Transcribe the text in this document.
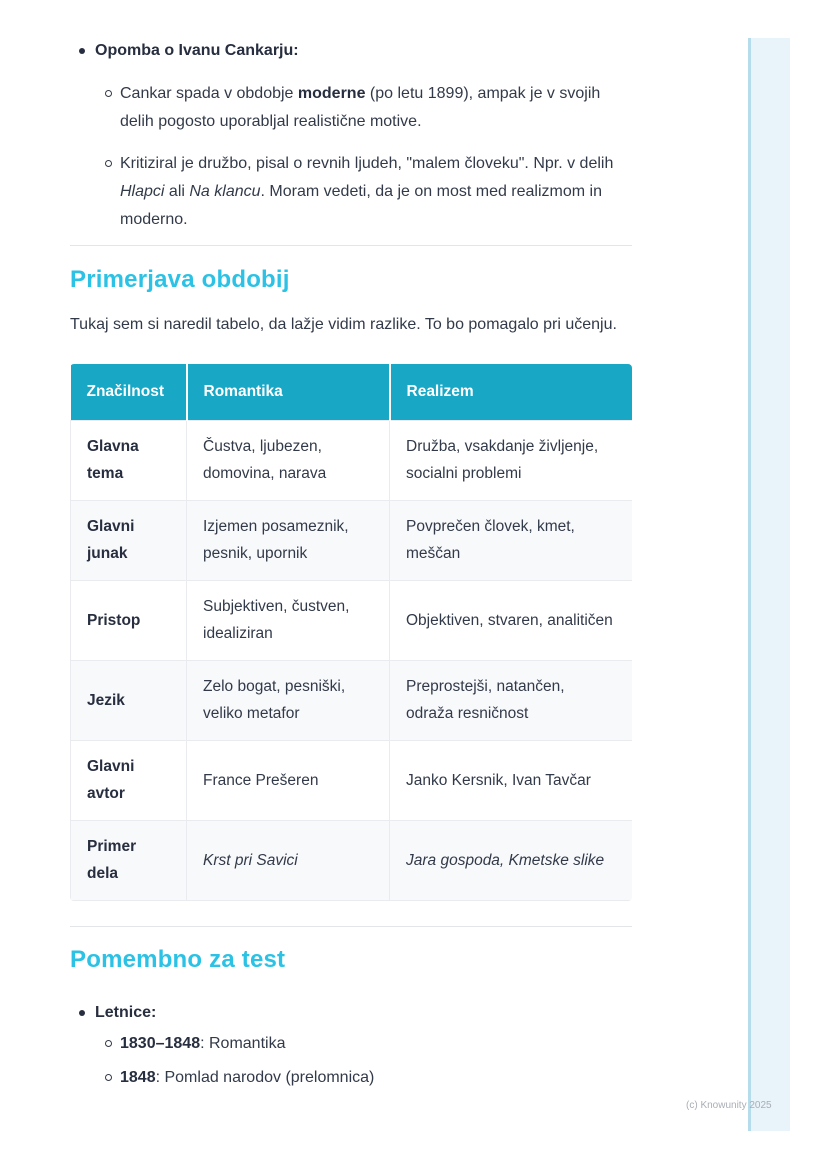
Opomba o Ivanu Cankarju:
Cankar spada v obdobje moderne (po letu 1899), ampak je v svojih delih pogosto uporabljal realistične motive.
Kritiziral je družbo, pisal o revnih ljudeh, "malem človeku". Npr. v delih Hlapci ali Na klancu. Moram vedeti, da je on most med realizmom in moderno.
Primerjava obdobij

Tukaj sem si naredil tabelo, da lažje vidim razlike. To bo pomagalo pri učenju.

Značilnost	Romantika	Realizem
Glavna tema	Čustva, ljubezen, domovina, narava	Družba, vsakdanje življenje, socialni problemi
Glavni junak	Izjemen posameznik, pesnik, upornik	Povprečen človek, kmet, meščan
Pristop	Subjektiven, čustven, idealiziran	Objektiven, stvaren, analitičen
Jezik	Zelo bogat, pesniški, veliko metafor	Preprostejši, natančen, odraža resničnost
Glavni avtor	France Prešeren	Janko Kersnik, Ivan Tavčar
Primer dela	Krst pri Savici	Jara gospoda, Kmetske slike
Pomembno za test
Letnice:
1830–1848: Romantika
1848: Pomlad narodov (prelomnica)
(c) Knowunity 2025
